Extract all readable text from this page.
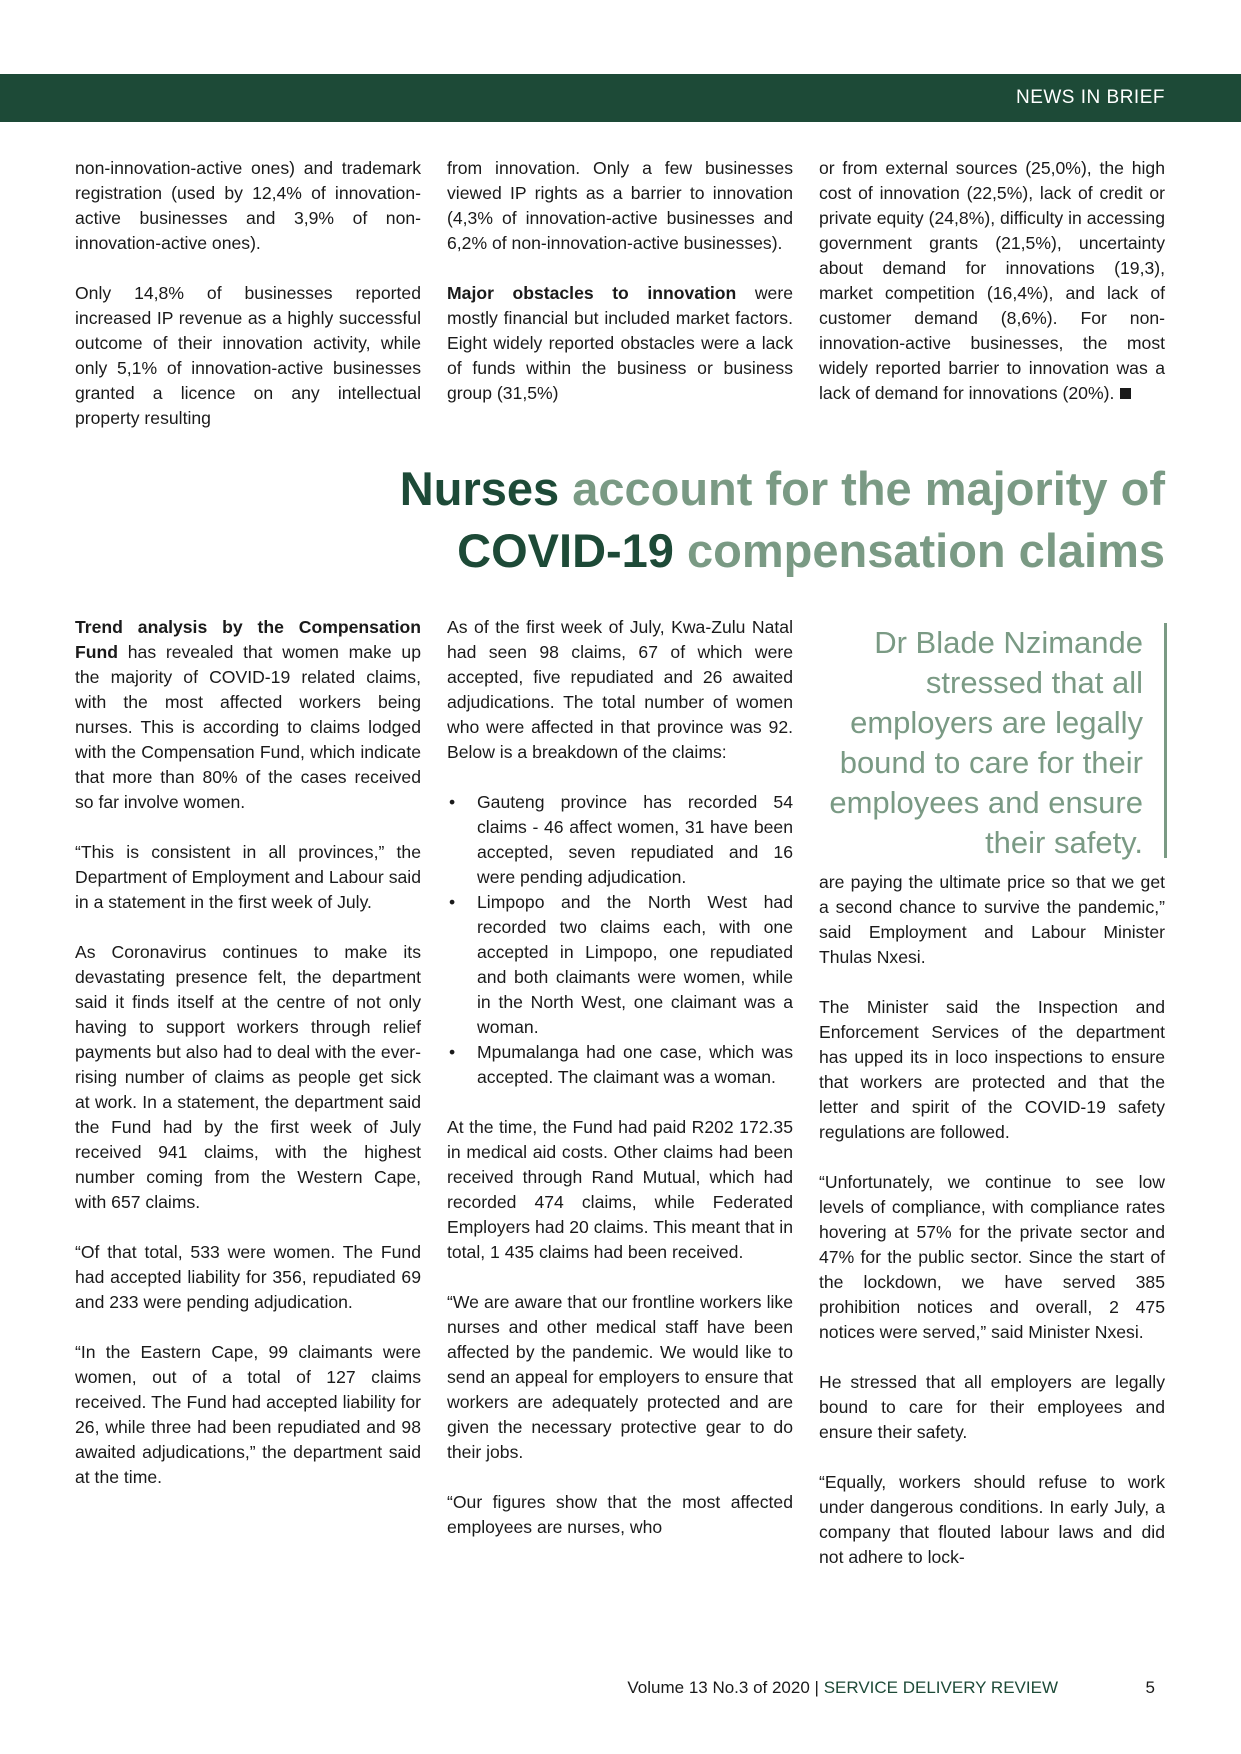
NEWS IN BRIEF

non-innovation-active ones) and trademark registration (used by 12,4% of innovation-active businesses and 3,9% of non-innovation-active ones).

Only 14,8% of businesses reported increased IP revenue as a highly successful outcome of their innovation activity, while only 5,1% of innovation-active businesses granted a licence on any intellectual property resulting

from innovation. Only a few businesses viewed IP rights as a barrier to innovation (4,3% of innovation-active businesses and 6,2% of non-innovation-active businesses).

Major obstacles to innovation were mostly financial but included market factors. Eight widely reported obstacles were a lack of funds within the business or business group (31,5%)

or from external sources (25,0%), the high cost of innovation (22,5%), lack of credit or private equity (24,8%), difficulty in accessing government grants (21,5%), uncertainty about demand for innovations (19,3), market competition (16,4%), and lack of customer demand (8,6%). For non-innovation-active businesses, the most widely reported barrier to innovation was a lack of demand for innovations (20%).

Nurses account for the majority of
COVID-19 compensation claims

Trend analysis by the Compensation Fund has revealed that women make up the majority of COVID-19 related claims, with the most affected workers being nurses. This is according to claims lodged with the Compensation Fund, which indicate that more than 80% of the cases received so far involve women.

“This is consistent in all provinces,” the Department of Employment and Labour said in a statement in the first week of July.

As Coronavirus continues to make its devastating presence felt, the department said it finds itself at the centre of not only having to support workers through relief payments but also had to deal with the ever-rising number of claims as people get sick at work. In a statement, the department said the Fund had by the first week of July received 941 claims, with the highest number coming from the Western Cape, with 657 claims.

“Of that total, 533 were women. The Fund had accepted liability for 356, repudiated 69 and 233 were pending adjudication.

“In the Eastern Cape, 99 claimants were women, out of a total of 127 claims received. The Fund had accepted liability for 26, while three had been repudiated and 98 awaited adjudications,” the department said at the time.

As of the first week of July, Kwa-Zulu Natal had seen 98 claims, 67 of which were accepted, five repudiated and 26 awaited adjudications. The total number of women who were affected in that province was 92. Below is a breakdown of the claims:

• Gauteng province has recorded 54 claims - 46 affect women, 31 have been accepted, seven repudiated and 16 were pending adjudication.
• Limpopo and the North West had recorded two claims each, with one accepted in Limpopo, one repudiated and both claimants were women, while in the North West, one claimant was a woman.
• Mpumalanga had one case, which was accepted. The claimant was a woman.

At the time, the Fund had paid R202 172.35 in medical aid costs. Other claims had been received through Rand Mutual, which had recorded 474 claims, while Federated Employers had 20 claims. This meant that in total, 1 435 claims had been received.

“We are aware that our frontline workers like nurses and other medical staff have been affected by the pandemic. We would like to send an appeal for employers to ensure that workers are adequately protected and are given the necessary protective gear to do their jobs.

“Our figures show that the most affected employees are nurses, who

Dr Blade Nzimande stressed that all employers are legally bound to care for their employees and ensure their safety.

are paying the ultimate price so that we get a second chance to survive the pandemic,” said Employment and Labour Minister Thulas Nxesi.

The Minister said the Inspection and Enforcement Services of the department has upped its in loco inspections to ensure that workers are protected and that the letter and spirit of the COVID-19 safety regulations are followed.

“Unfortunately, we continue to see low levels of compliance, with compliance rates hovering at 57% for the private sector and 47% for the public sector. Since the start of the lockdown, we have served 385 prohibition notices and overall, 2 475 notices were served,” said Minister Nxesi.

He stressed that all employers are legally bound to care for their employees and ensure their safety.

“Equally, workers should refuse to work under dangerous conditions. In early July, a company that flouted labour laws and did not adhere to lock-

Volume 13 No.3 of 2020 | SERVICE DELIVERY REVIEW	5
